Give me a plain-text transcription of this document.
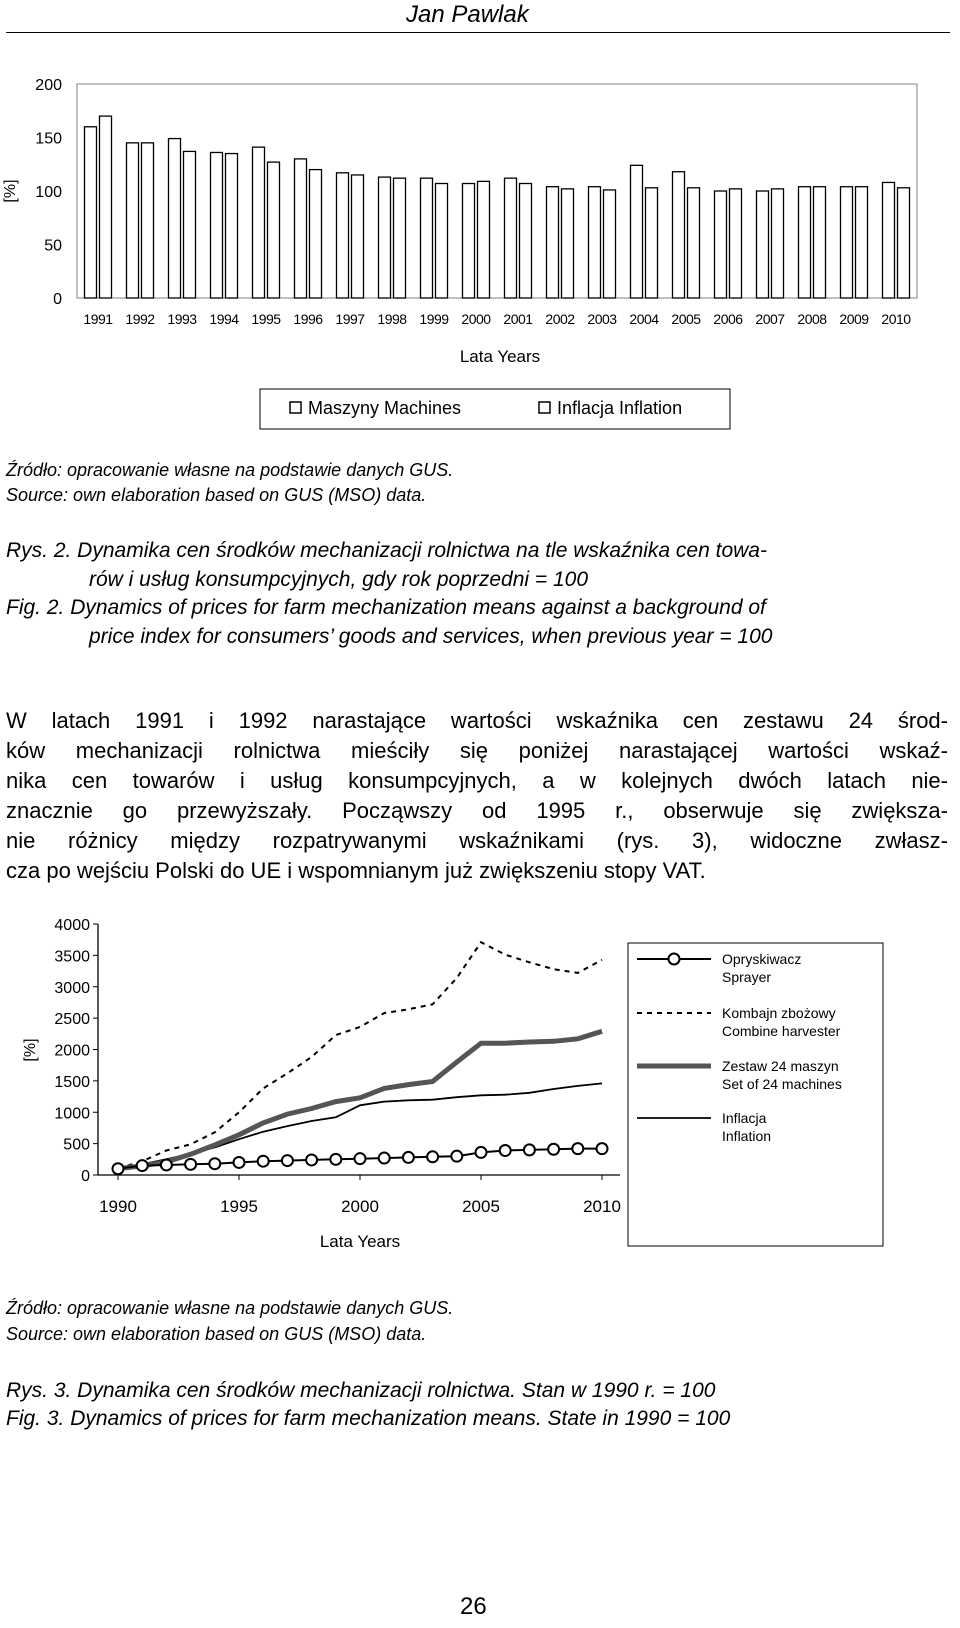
Jan Pawlak
0
50
100
150
200
[%]
1991 1992 1993 1994 1995 1996 1997 1998 1999 2000 2001 2002 2003 2004 2005 2006 2007 2008 2009 2010
Lata Years
Maszyny Machines	Inflacja Inflation
Źródło: opracowanie własne na podstawie danych GUS.
Source: own elaboration based on GUS (MSO) data.
Rys. 2. Dynamika cen środków mechanizacji rolnictwa na tle wskaźnika cen towa-
rów i usług konsumpcyjnych, gdy rok poprzedni = 100
Fig. 2. Dynamics of prices for farm mechanization means against a background of
price index for consumers’ goods and services, when previous year = 100
W latach 1991 i 1992 narastające wartości wskaźnika cen zestawu 24 środ-
ków mechanizacji rolnictwa mieściły się poniżej narastającej wartości wskaź-
nika cen towarów i usług konsumpcyjnych, a w kolejnych dwóch latach nie-
znacznie go przewyższały. Począwszy od 1995 r., obserwuje się zwiększa-
nie różnicy między rozpatrywanymi wskaźnikami (rys. 3), widoczne zwłasz-
cza po wejściu Polski do UE i wspomnianym już zwiększeniu stopy VAT.
0
500
1000
1500
2000
2500
3000
3500
4000
[%]
1990	1995	2000	2005	2010
Lata Years
Opryskiwacz
Sprayer
Kombajn zbożowy
Combine harvester
Zestaw 24 maszyn
Set of 24 machines
Inflacja
Inflation
Źródło: opracowanie własne na podstawie danych GUS.
Source: own elaboration based on GUS (MSO) data.
Rys. 3. Dynamika cen środków mechanizacji rolnictwa. Stan w 1990 r. = 100
Fig. 3. Dynamics of prices for farm mechanization means. State in 1990 = 100
26
